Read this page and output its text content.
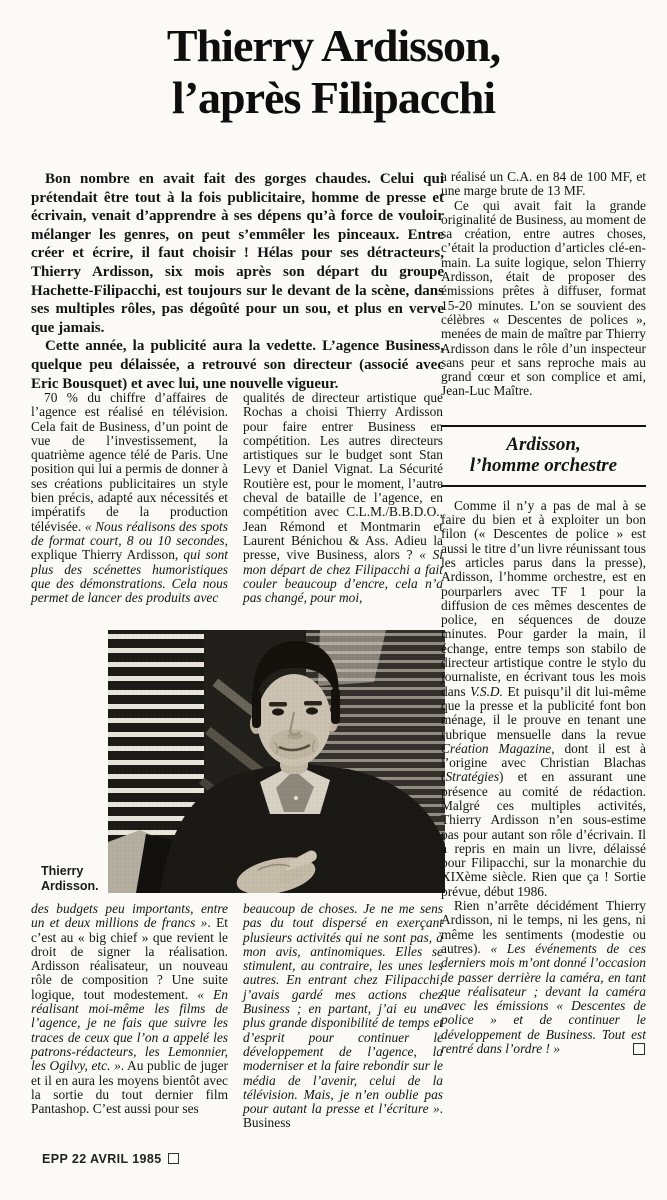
Thierry Ardisson,
l’après Filipacchi

Bon nombre en avait fait des gorges chaudes. Celui qui prétendait être tout à la fois publicitaire, homme de presse et écrivain, venait d’apprendre à ses dépens qu’à force de vouloir mélanger les genres, on peut s’emmêler les pinceaux. Entre créer et écrire, il faut choisir ! Hélas pour ses détracteurs, Thierry Ardisson, six mois après son départ du groupe Hachette-Filipacchi, est toujours sur le devant de la scène, dans ses multiples rôles, pas dégoûté pour un sou, et plus en verve que jamais.

Cette année, la publicité aura la vedette. L’agence Business, quelque peu délaissée, a retrouvé son directeur (associé avec Eric Bousquet) et avec lui, une nouvelle vigueur.

70 % du chiffre d’affaires de l’agence est réalisé en télévision. Cela fait de Business, d’un point de vue de l’investissement, la quatrième agence télé de Paris. Une position qui lui a permis de donner à ses créations publicitaires un style bien précis, adapté aux nécessités et impératifs de la production télévisée. « Nous réalisons des spots de format court, 8 ou 10 secondes, explique Thierry Ardisson, qui sont plus des scénettes humoristiques que des démonstrations. Cela nous permet de lancer des produits avec

qualités de directeur artistique que Rochas a choisi Thierry Ardisson pour faire entrer Business en compétition. Les autres directeurs artistiques sur le budget sont Stan Levy et Daniel Vignat. La Sécurité Routière est, pour le moment, l’autre cheval de bataille de l’agence, en compétition avec C.L.M./B.B.D.O., Jean Rémond et Montmarin et Laurent Bénichou & Ass. Adieu la presse, vive Business, alors ? « Si mon départ de chez Filipacchi a fait couler beaucoup d’encre, cela n’a pas changé, pour moi,

Thierry
Ardisson.

des budgets peu importants, entre un et deux millions de francs ». Et c’est au « big chief » que revient le droit de signer la réalisation. Ardisson réalisateur, un nouveau rôle de composition ? Une suite logique, tout modestement. « En réalisant moi-même les films de l’agence, je ne fais que suivre les traces de ceux que l’on a appelé les patrons-rédacteurs, les Lemonnier, les Ogilvy, etc. ». Au public de juger et il en aura les moyens bientôt avec la sortie du tout dernier film Pantashop. C’est aussi pour ses

beaucoup de choses. Je ne me sens pas du tout dispersé en exerçant plusieurs activités qui ne sont pas, à mon avis, antinomiques. Elles se stimulent, au contraire, les unes les autres. En entrant chez Filipacchi, j’avais gardé mes actions chez Business ; en partant, j’ai eu une plus grande disponibilité de temps et d’esprit pour continuer le développement de l’agence, la moderniser et la faire rebondir sur le média de l’avenir, celui de la télévision. Mais, je n’en oublie pas pour autant la presse et l’écriture ». Business

a réalisé un C.A. en 84 de 100 MF, et une marge brute de 13 MF.

Ce qui avait fait la grande originalité de Business, au moment de sa création, entre autres choses, c’était la production d’articles clé-en-main. La suite logique, selon Thierry Ardisson, était de proposer des émissions prêtes à diffuser, format 15-20 minutes. L’on se souvient des célèbres « Descentes de polices », menées de main de maître par Thierry Ardisson dans le rôle d’un inspecteur sans peur et sans reproche mais au grand cœur et son complice et ami, Jean-Luc Maître.

Ardisson,
l’homme orchestre

Comme il n’y a pas de mal à se faire du bien et à exploiter un bon filon (« Descentes de police » est aussi le titre d’un livre réunissant tous les articles parus dans la presse), Ardisson, l’homme orchestre, est en pourparlers avec TF 1 pour la diffusion de ces mêmes descentes de police, en séquences de douze minutes. Pour garder la main, il échange, entre temps son stabilo de directeur artistique contre le stylo du journaliste, en écrivant tous les mois dans V.S.D. Et puisqu’il dit lui-même que la presse et la publicité font bon ménage, il le prouve en tenant une rubrique mensuelle dans la revue Création Magazine, dont il est à l’origine avec Christian Blachas (Stratégies) et en assurant une présence au comité de rédaction. Malgré ces multiples activités, Thierry Ardisson n’en sous-estime pas pour autant son rôle d’écrivain. Il a repris en main un livre, délaissé pour Filipacchi, sur la monarchie du XIXème siècle. Rien que ça ! Sortie prévue, début 1986.

Rien n’arrête décidément Thierry Ardisson, ni le temps, ni les gens, ni même les sentiments (modestie ou autres). « Les événements de ces derniers mois m’ont donné l’occasion de passer derrière la caméra, en tant que réalisateur ; devant la caméra avec les émissions « Descentes de police » et de continuer le développement de Business. Tout est rentré dans l’ordre ! »

EPP 22 AVRIL 1985
